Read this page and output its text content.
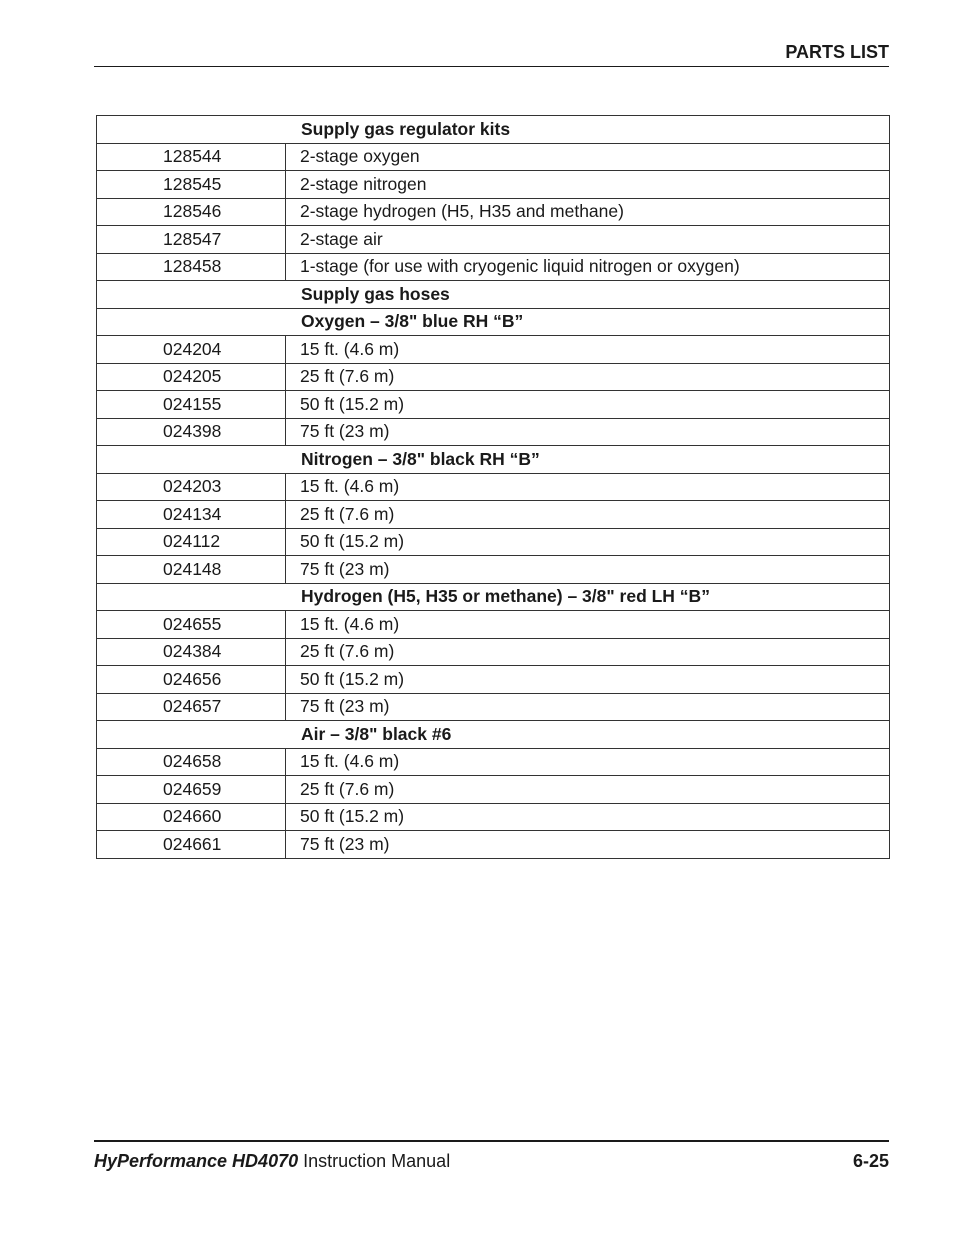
PARTS LIST
Supply gas regulator kits	
128544	2-stage oxygen
128545	2-stage nitrogen
128546	2-stage hydrogen (H5, H35 and methane)
128547	2-stage air
128458	1-stage (for use with cryogenic liquid nitrogen or oxygen)
Supply gas hoses	
Oxygen – 3/8" blue RH “B”	
024204	15 ft. (4.6 m)
024205	25 ft (7.6 m)
024155	50 ft (15.2 m)
024398	75 ft (23 m)
Nitrogen – 3/8" black RH “B”	
024203	15 ft. (4.6 m)
024134	25 ft (7.6 m)
024112	50 ft (15.2 m)
024148	75 ft (23 m)
Hydrogen (H5, H35 or methane) – 3/8" red LH “B”	
024655	15 ft. (4.6 m)
024384	25 ft (7.6 m)
024656	50 ft (15.2 m)
024657	75 ft (23 m)
Air – 3/8" black #6	
024658	15 ft. (4.6 m)
024659	25 ft (7.6 m)
024660	50 ft (15.2 m)
024661	75 ft (23 m)
HyPerformance HD4070 Instruction Manual	6-25
